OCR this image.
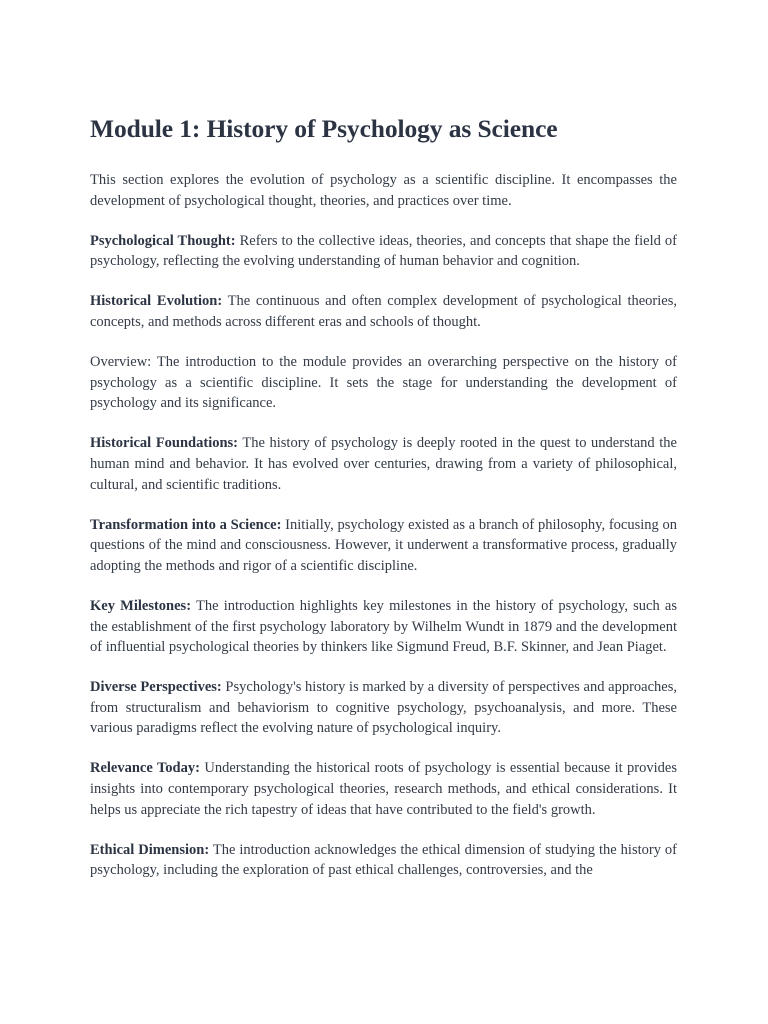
Module 1: History of Psychology as Science

This section explores the evolution of psychology as a scientific discipline. It encompasses the development of psychological thought, theories, and practices over time.

Psychological Thought: Refers to the collective ideas, theories, and concepts that shape the field of psychology, reflecting the evolving understanding of human behavior and cognition.

Historical Evolution: The continuous and often complex development of psychological theories, concepts, and methods across different eras and schools of thought.

Overview: The introduction to the module provides an overarching perspective on the history of psychology as a scientific discipline. It sets the stage for understanding the development of psychology and its significance.

Historical Foundations: The history of psychology is deeply rooted in the quest to understand the human mind and behavior. It has evolved over centuries, drawing from a variety of philosophical, cultural, and scientific traditions.

Transformation into a Science: Initially, psychology existed as a branch of philosophy, focusing on questions of the mind and consciousness. However, it underwent a transformative process, gradually adopting the methods and rigor of a scientific discipline.

Key Milestones: The introduction highlights key milestones in the history of psychology, such as the establishment of the first psychology laboratory by Wilhelm Wundt in 1879 and the development of influential psychological theories by thinkers like Sigmund Freud, B.F. Skinner, and Jean Piaget.

Diverse Perspectives: Psychology's history is marked by a diversity of perspectives and approaches, from structuralism and behaviorism to cognitive psychology, psychoanalysis, and more. These various paradigms reflect the evolving nature of psychological inquiry.

Relevance Today: Understanding the historical roots of psychology is essential because it provides insights into contemporary psychological theories, research methods, and ethical considerations. It helps us appreciate the rich tapestry of ideas that have contributed to the field's growth.

Ethical Dimension: The introduction acknowledges the ethical dimension of studying the history of psychology, including the exploration of past ethical challenges, controversies, and the
